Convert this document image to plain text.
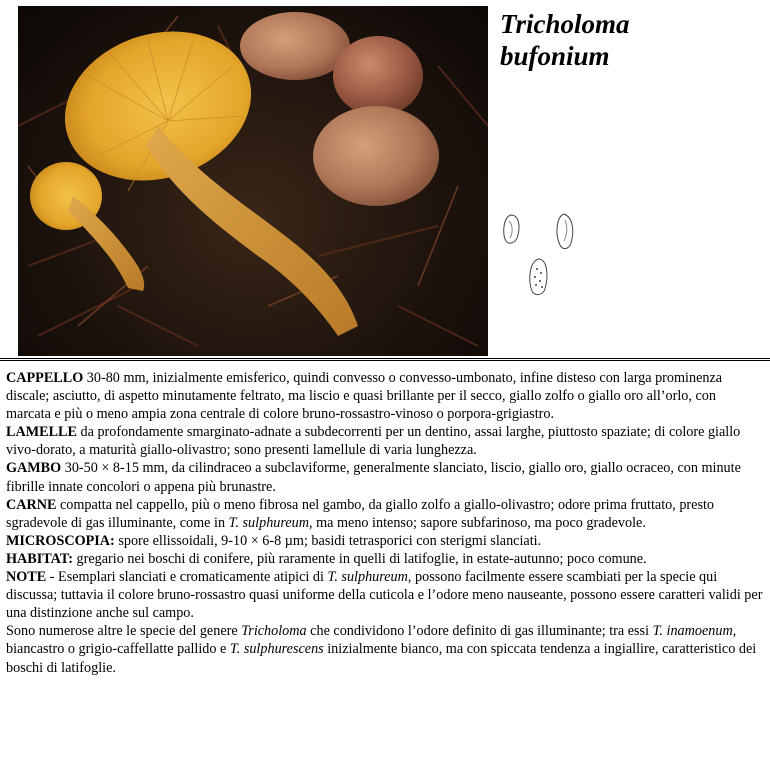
Tricholoma
bufonium

CAPPELLO 30-80 mm, inizialmente emisferico, quindi convesso o convesso-umbonato, infine disteso con larga prominenza discale; asciutto, di aspetto minutamente feltrato, ma liscio e quasi brillante per il secco, giallo zolfo o giallo oro all’orlo, con marcata e più o meno ampia zona centrale di colore bruno-rossastro-vinoso o porpora-grigiastro.

LAMELLE da profondamente smarginato-adnate a subdecorrenti per un dentino, assai larghe, piuttosto spaziate; di colore giallo vivo-dorato, a maturità giallo-olivastro; sono presenti lamellule di varia lunghezza.

GAMBO 30-50 × 8-15 mm, da cilindraceo a subclaviforme, generalmente slanciato, liscio, giallo oro, giallo ocraceo, con minute fibrille innate concolori o appena più brunastre.

CARNE compatta nel cappello, più o meno fibrosa nel gambo, da giallo zolfo a giallo-olivastro; odore prima fruttato, presto sgradevole di gas illuminante, come in T. sulphureum, ma meno intenso; sapore subfarinoso, ma poco gradevole.

MICROSCOPIA: spore ellissoidali, 9-10 × 6-8 µm; basidi tetrasporici con sterigmi slanciati.

HABITAT: gregario nei boschi di conifere, più raramente in quelli di latifoglie, in estate-autunno; poco comune.

NOTE - Esemplari slanciati e cromaticamente atipici di T. sulphureum, possono facilmente essere scambiati per la specie qui discussa; tuttavia il colore bruno-rossastro quasi uniforme della cuticola e l’odore meno nauseante, possono essere caratteri validi per una distinzione anche sul campo.

Sono numerose altre le specie del genere Tricholoma che condividono l’odore definito di gas illuminante; tra essi T. inamoenum, biancastro o grigio-caffellatte pallido e T. sulphurescens inizialmente bianco, ma con spiccata tendenza a ingiallire, caratteristico dei boschi di latifoglie.
